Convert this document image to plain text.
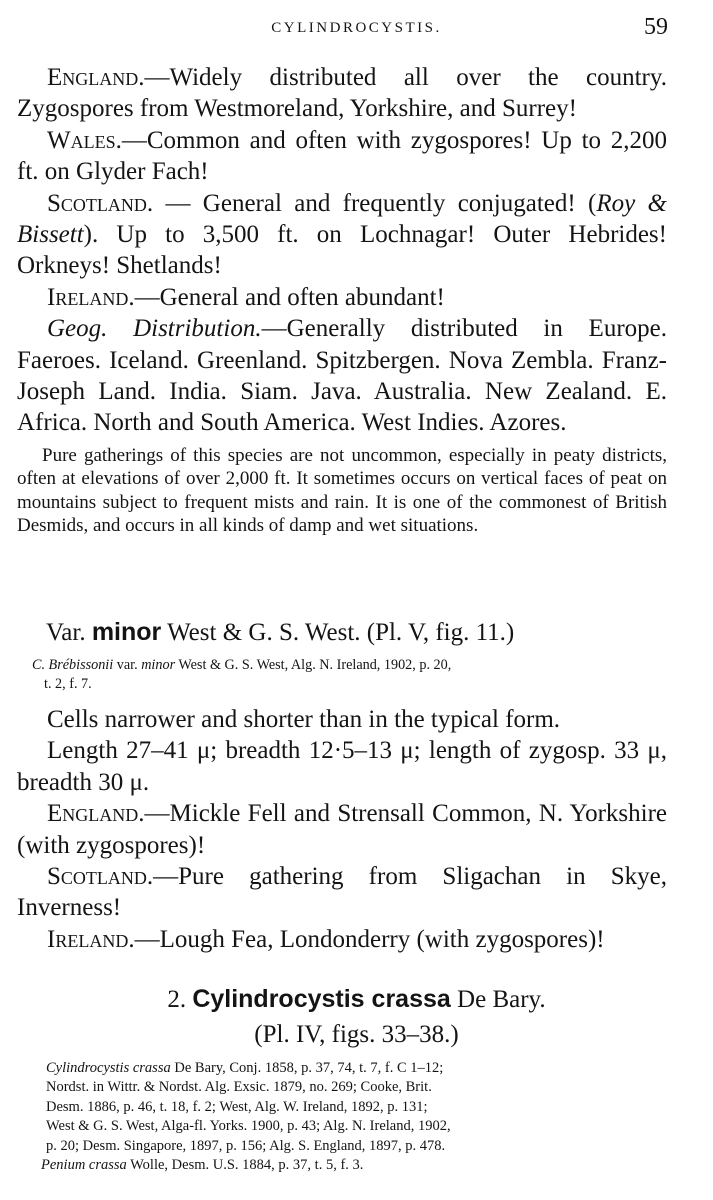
CYLINDROCYSTIS.	59

England.—Widely distributed all over the country. Zygospores from Westmoreland, Yorkshire, and Surrey!

Wales.—Common and often with zygospores! Up to 2,200 ft. on Glyder Fach!

Scotland. — General and frequently conjugated! (Roy & Bissett). Up to 3,500 ft. on Lochnagar! Outer Hebrides! Orkneys! Shetlands!

Ireland.—General and often abundant!

Geog. Distribution.—Generally distributed in Europe. Faeroes. Iceland. Greenland. Spitzbergen. Nova Zembla. Franz-Joseph Land. India. Siam. Java. Australia. New Zealand. E. Africa. North and South America. West Indies. Azores.

Pure gatherings of this species are not uncommon, especially in peaty districts, often at elevations of over 2,000 ft. It sometimes occurs on vertical faces of peat on mountains subject to frequent mists and rain. It is one of the commonest of British Desmids, and occurs in all kinds of damp and wet situations.

Var. minor West & G. S. West. (Pl. V, fig. 11.)
C. Brébissonii var. minor West & G. S. West, Alg. N. Ireland, 1902, p. 20,
t. 2, f. 7.

Cells narrower and shorter than in the typical form.

Length 27–41 μ; breadth 12·5–13 μ; length of zygosp. 33 μ, breadth 30 μ.

England.—Mickle Fell and Strensall Common, N. Yorkshire (with zygospores)!

Scotland.—Pure gathering from Sligachan in Skye, Inverness!

Ireland.—Lough Fea, Londonderry (with zygospores)!

2. Cylindrocystis crassa De Bary.
(Pl. IV, figs. 33–38.)

Cylindrocystis crassa De Bary, Conj. 1858, p. 37, 74, t. 7, f. C 1–12;

Nordst. in Wittr. & Nordst. Alg. Exsic. 1879, no. 269; Cooke, Brit.

Desm. 1886, p. 46, t. 18, f. 2; West, Alg. W. Ireland, 1892, p. 131;

West & G. S. West, Alga-fl. Yorks. 1900, p. 43; Alg. N. Ireland, 1902,

p. 20; Desm. Singapore, 1897, p. 156; Alg. S. England, 1897, p. 478.

Penium crassa Wolle, Desm. U.S. 1884, p. 37, t. 5, f. 3.
